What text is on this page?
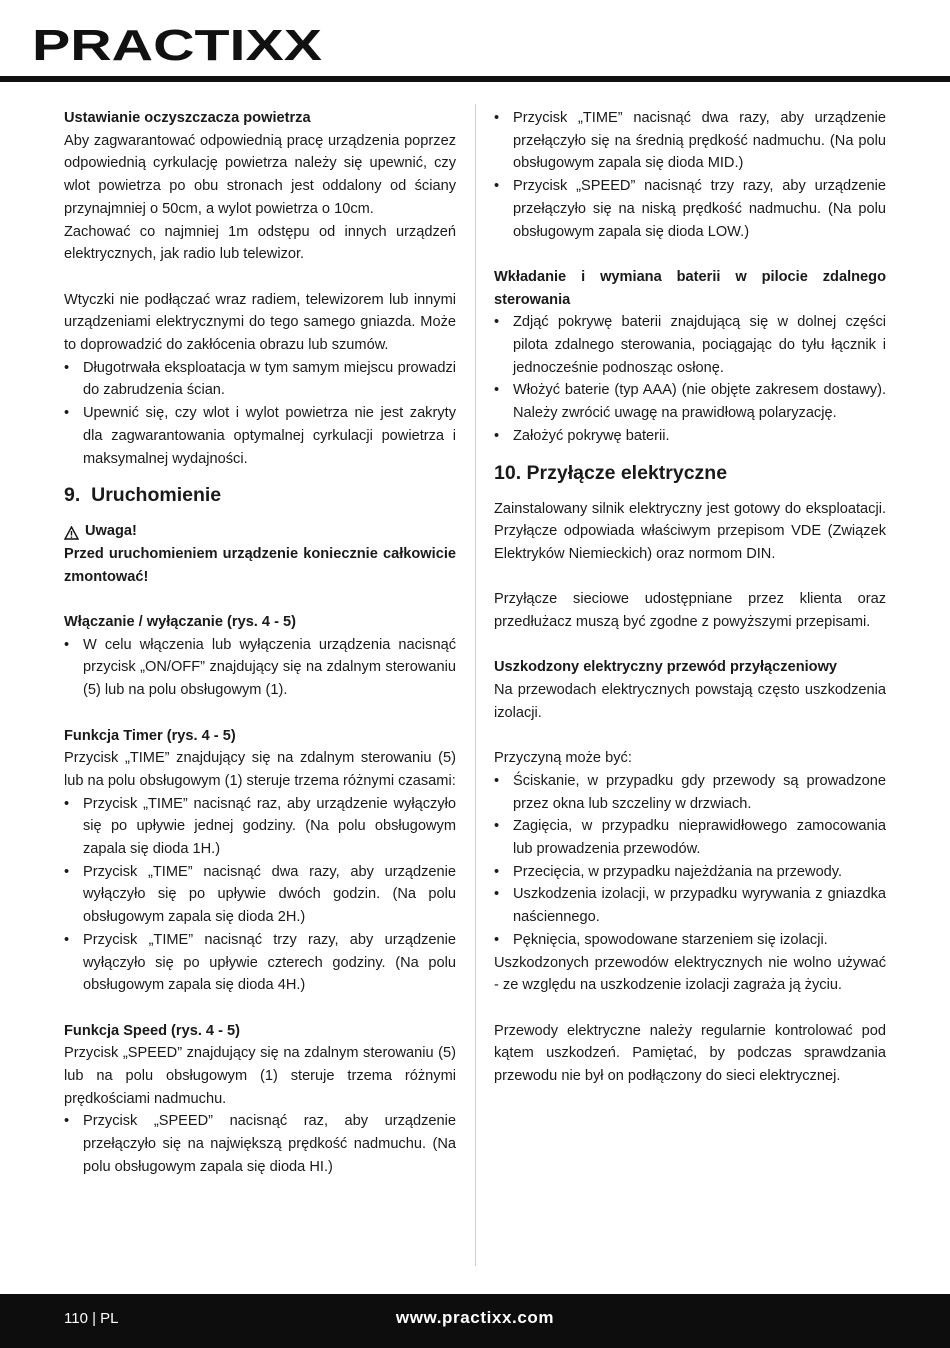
PRACTIXX

Ustawianie oczyszczacza powietrza

Aby zagwarantować odpowiednią pracę urządzenia poprzez odpowiednią cyrkulację powietrza należy się upewnić, czy wlot powietrza po obu stronach jest oddalony od ściany przynajmniej o 50cm, a wylot powietrza o 10cm.

Zachować co najmniej 1m odstępu od innych urządzeń elektrycznych, jak radio lub telewizor.

Wtyczki nie podłączać wraz radiem, telewizorem lub innymi urządzeniami elektrycznymi do tego samego gniazda. Może to doprowadzić do zakłócenia obrazu lub szumów.

• Długotrwała eksploatacja w tym samym miejscu prowadzi do zabrudzenia ścian.
• Upewnić się, czy wlot i wylot powietrza nie jest zakryty dla zagwarantowania optymalnej cyrkulacji powietrza i maksymalnej wydajności.
9. Uruchomienie

Uwaga!

Przed uruchomieniem urządzenie koniecznie całkowicie zmontować!

Włączanie / wyłączanie (rys. 4 - 5)

• W celu włączenia lub wyłączenia urządzenia nacisnąć przycisk „ON/OFF” znajdujący się na zdalnym sterowaniu (5) lub na polu obsługowym (1).

Funkcja Timer (rys. 4 - 5)

Przycisk „TIME” znajdujący się na zdalnym sterowaniu (5) lub na polu obsługowym (1) steruje trzema różnymi czasami:

• Przycisk „TIME” nacisnąć raz, aby urządzenie wyłączyło się po upływie jednej godziny. (Na polu obsługowym zapala się dioda 1H.)
• Przycisk „TIME” nacisnąć dwa razy, aby urządzenie wyłączyło się po upływie dwóch godzin. (Na polu obsługowym zapala się dioda 2H.)
• Przycisk „TIME” nacisnąć trzy razy, aby urządzenie wyłączyło się po upływie czterech godziny. (Na polu obsługowym zapala się dioda 4H.)

Funkcja Speed (rys. 4 - 5)

Przycisk „SPEED” znajdujący się na zdalnym sterowaniu (5) lub na polu obsługowym (1) steruje trzema różnymi prędkościami nadmuchu.

• Przycisk „SPEED” nacisnąć raz, aby urządzenie przełączyło się na największą prędkość nadmuchu. (Na polu obsługowym zapala się dioda HI.)
• Przycisk „TIME” nacisnąć dwa razy, aby urządzenie przełączyło się na średnią prędkość nadmuchu. (Na polu obsługowym zapala się dioda MID.)
• Przycisk „SPEED” nacisnąć trzy razy, aby urządzenie przełączyło się na niską prędkość nadmuchu. (Na polu obsługowym zapala się dioda LOW.)

Wkładanie i wymiana baterii w pilocie zdalnego sterowania

• Zdjąć pokrywę baterii znajdującą się w dolnej części pilota zdalnego sterowania, pociągając do tyłu łącznik i jednocześnie podnosząc osłonę.
• Włożyć baterie (typ AAA) (nie objęte zakresem dostawy). Należy zwrócić uwagę na prawidłową polaryzację.
• Założyć pokrywę baterii.
10. Przyłącze elektryczne

Zainstalowany silnik elektryczny jest gotowy do eksploatacji. Przyłącze odpowiada właściwym przepisom VDE (Związek Elektryków Niemieckich) oraz normom DIN.

Przyłącze sieciowe udostępniane przez klienta oraz przedłużacz muszą być zgodne z powyższymi przepisami.

Uszkodzony elektryczny przewód przyłączeniowy

Na przewodach elektrycznych powstają często uszkodzenia izolacji.

Przyczyną może być:

• Ściskanie, w przypadku gdy przewody są prowadzone przez okna lub szczeliny w drzwiach.
• Zagięcia, w przypadku nieprawidłowego zamocowania lub prowadzenia przewodów.
• Przecięcia, w przypadku najeżdżania na przewody.
• Uszkodzenia izolacji, w przypadku wyrywania z gniazdka naściennego.
• Pęknięcia, spowodowane starzeniem się izolacji.

Uszkodzonych przewodów elektrycznych nie wolno używać - ze względu na uszkodzenie izolacji zagraża ją życiu.

Przewody elektryczne należy regularnie kontrolować pod kątem uszkodzeń. Pamiętać, by podczas sprawdzania przewodu nie był on podłączony do sieci elektrycznej.

110 | PL	www.practixx.com
